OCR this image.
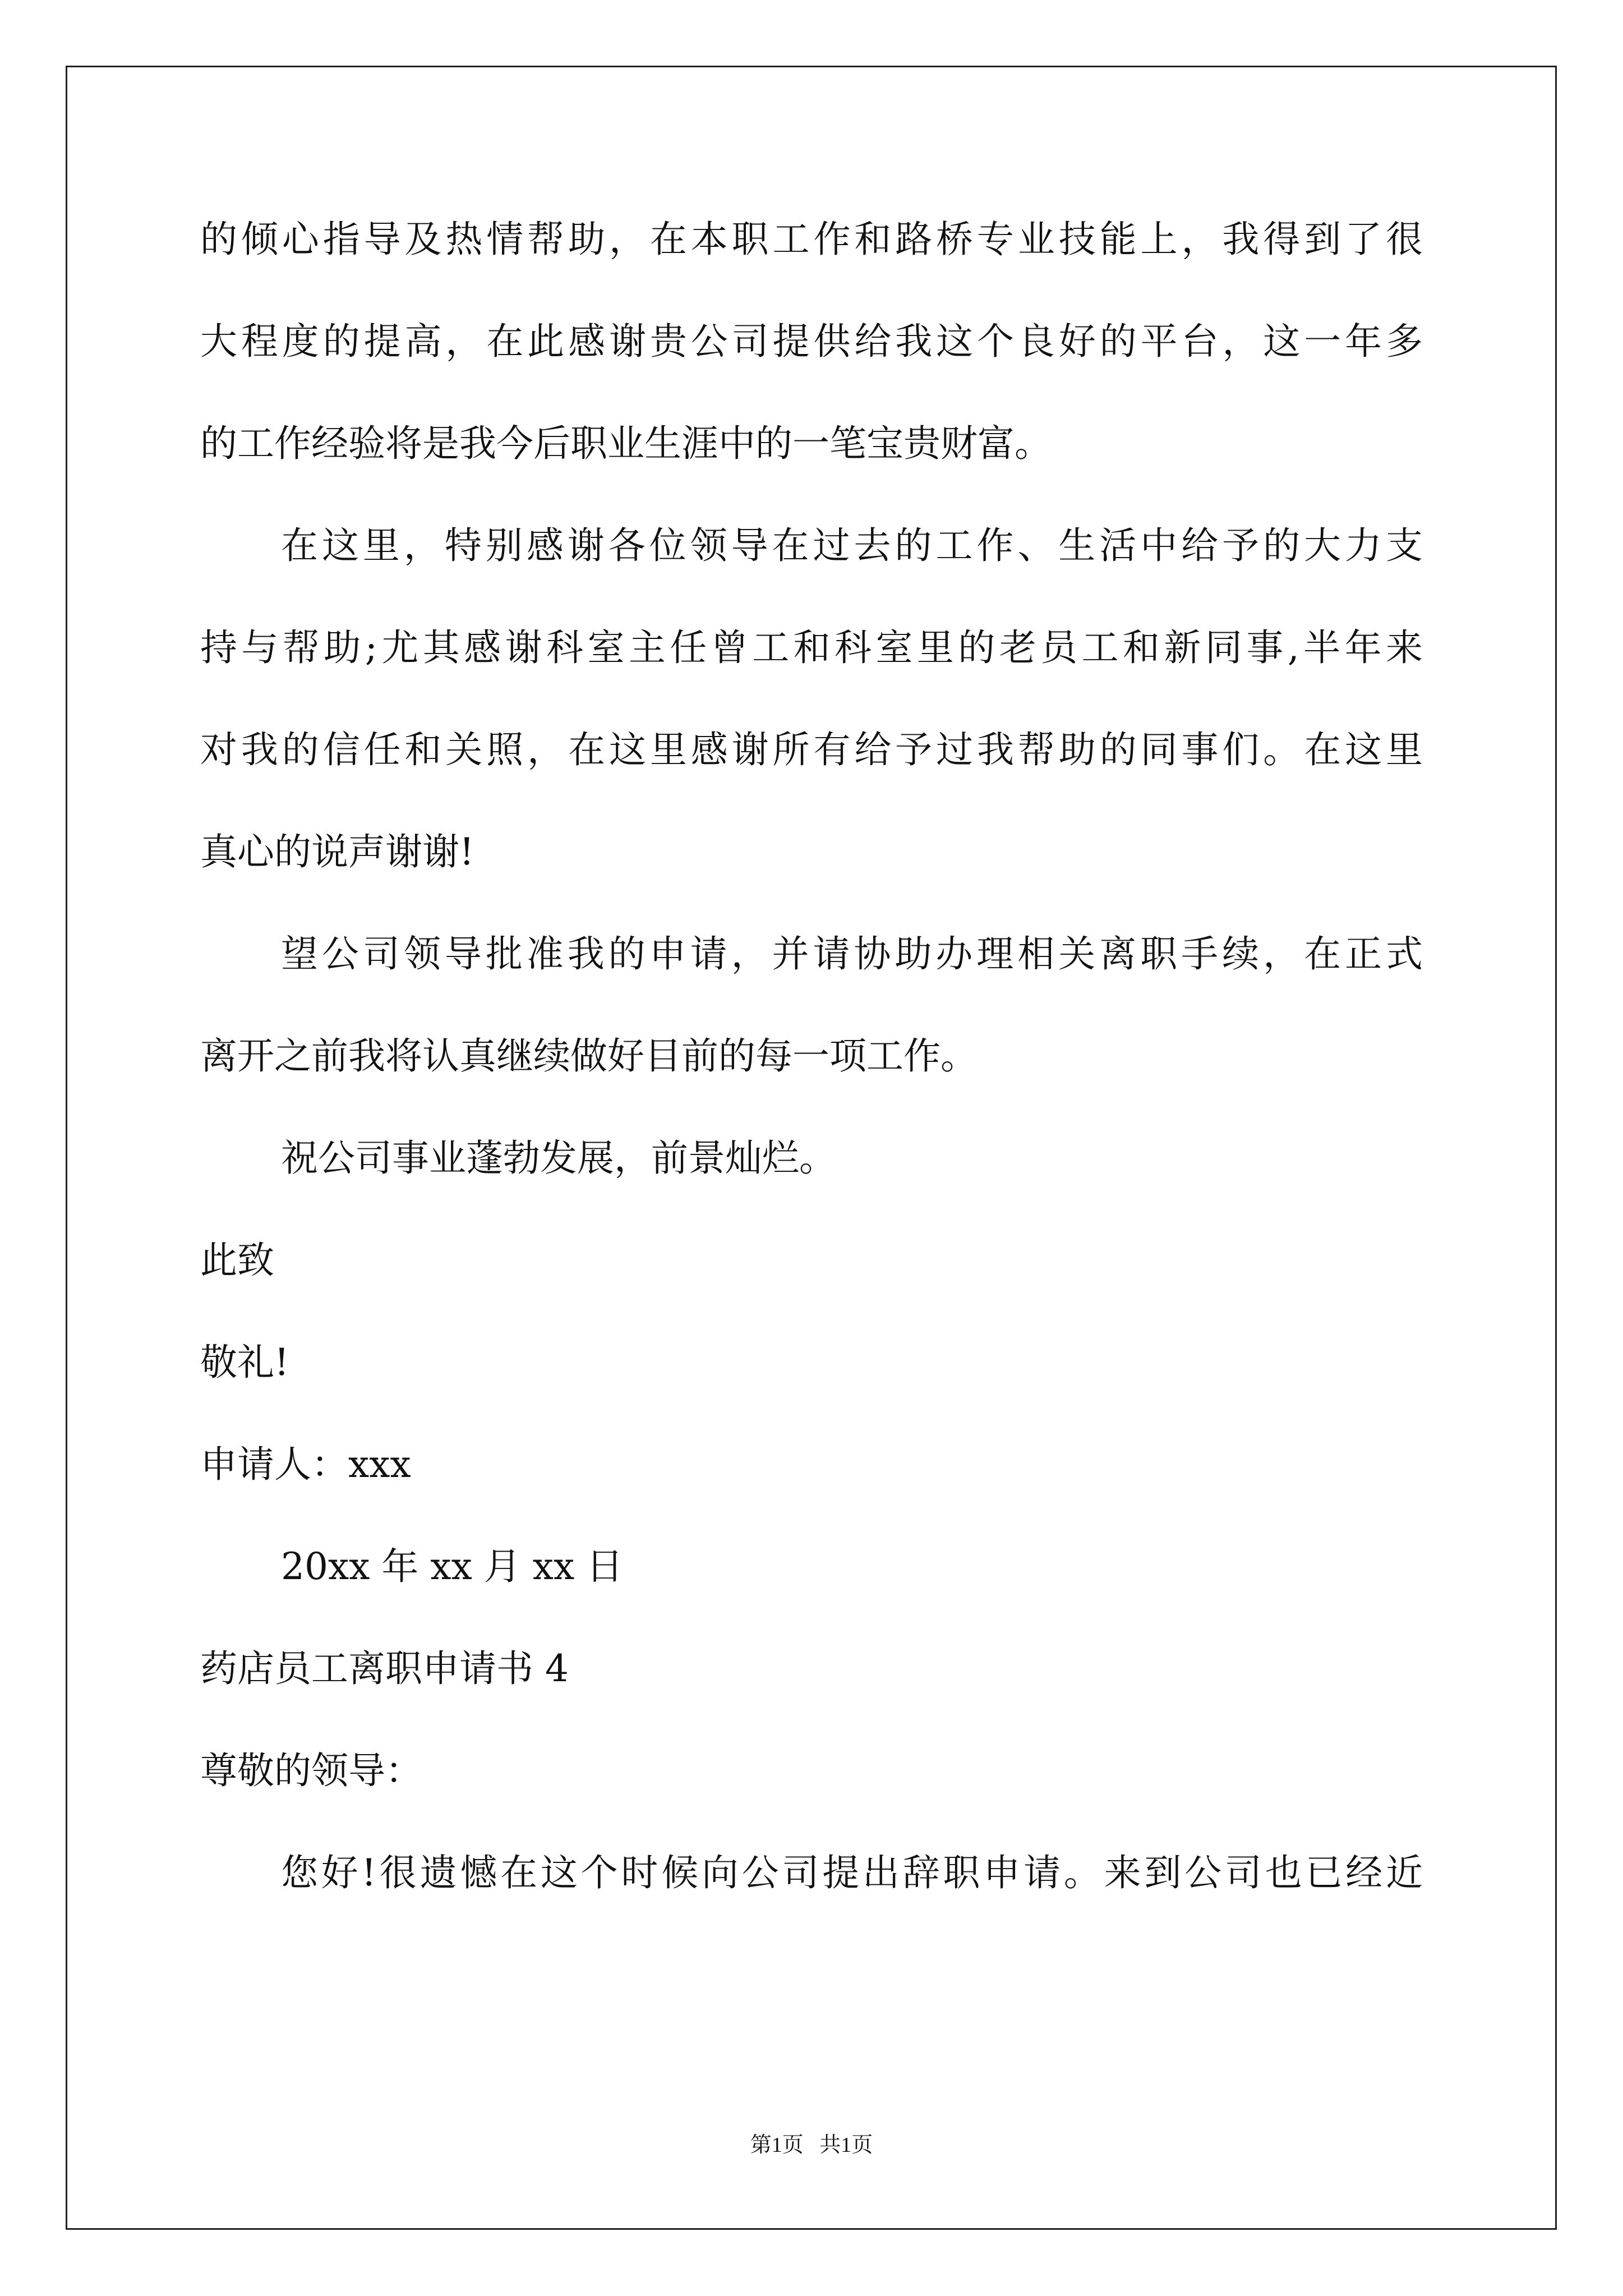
的倾心指导及热情帮助，在本职工作和路桥专业技能上，我得到了很
大程度的提高，在此感谢贵公司提供给我这个良好的平台，这一年多
的工作经验将是我今后职业生涯中的一笔宝贵财富。
在这里，特别感谢各位领导在过去的工作、生活中给予的大力支
持与帮助;尤其感谢科室主任曾工和科室里的老员工和新同事,半年来
对我的信任和关照，在这里感谢所有给予过我帮助的同事们。在这里
真心的说声谢谢!
望公司领导批准我的申请，并请协助办理相关离职手续，在正式
离开之前我将认真继续做好目前的每一项工作。
祝公司事业蓬勃发展，前景灿烂。
此致
敬礼!
申请人：xxx
20xx 年 xx 月 xx 日
药店员工离职申请书 4
尊敬的领导：
您好!很遗憾在这个时候向公司提出辞职申请。来到公司也已经近
第1页   共1页
